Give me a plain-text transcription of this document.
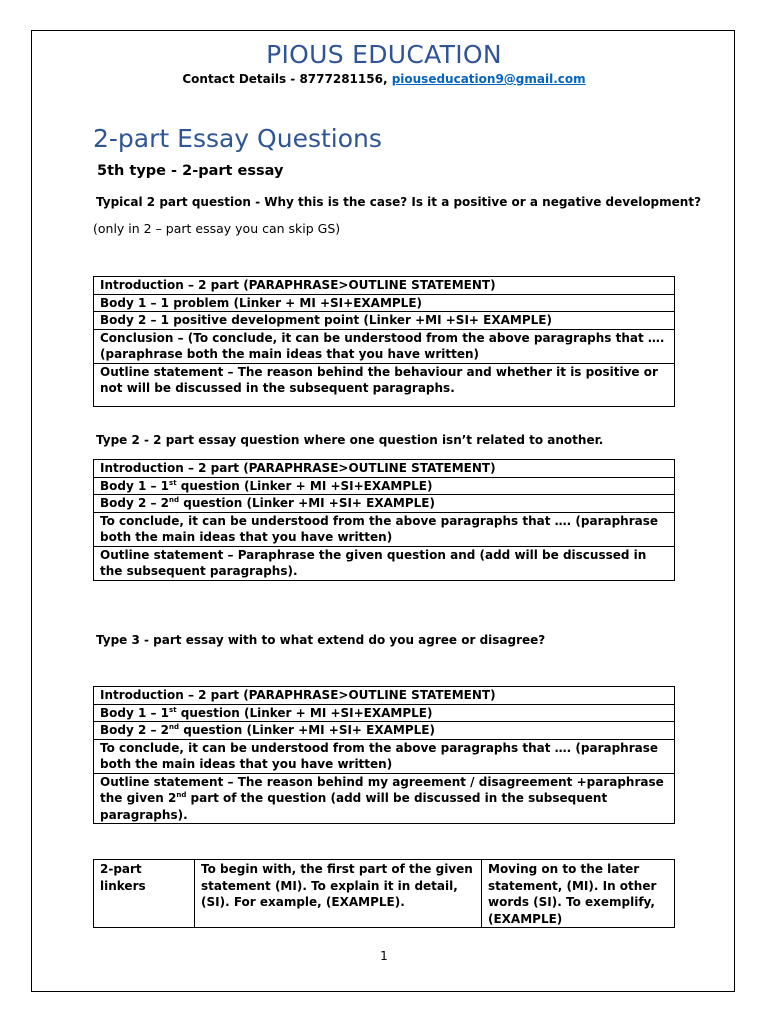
PIOUS EDUCATION
Contact Details - 8777281156, piouseducation9@gmail.com
2-part Essay Questions
5th type - 2-part essay
Typical 2 part question - Why this is the case? Is it a positive or a negative development?
(only in 2 – part essay you can skip GS)
Introduction – 2 part (PARAPHRASE>OUTLINE STATEMENT)
Body 1 – 1 problem (Linker + MI +SI+EXAMPLE)
Body 2 – 1 positive development point (Linker +MI +SI+ EXAMPLE)
Conclusion – (To conclude, it can be understood from the above paragraphs that ….(paraphrase both the main ideas that you have written)
Outline statement – The reason behind the behaviour and whether it is positive or not will be discussed in the subsequent paragraphs.
Type 2 - 2 part essay question where one question isn’t related to another.
Introduction – 2 part (PARAPHRASE>OUTLINE STATEMENT)
Body 1 – 1st question (Linker + MI +SI+EXAMPLE)
Body 2 – 2nd question (Linker +MI +SI+ EXAMPLE)
To conclude, it can be understood from the above paragraphs that …. (paraphrase both the main ideas that you have written)
Outline statement – Paraphrase the given question and (add will be discussed in the subsequent paragraphs).
Type 3 - part essay with to what extend do you agree or disagree?
Introduction – 2 part (PARAPHRASE>OUTLINE STATEMENT)
Body 1 – 1st question (Linker + MI +SI+EXAMPLE)
Body 2 – 2nd question (Linker +MI +SI+ EXAMPLE)
To conclude, it can be understood from the above paragraphs that …. (paraphrase both the main ideas that you have written)
Outline statement – The reason behind my agreement / disagreement +paraphrase the given 2nd part of the question (add will be discussed in the subsequent paragraphs).
2-part linkers	To begin with, the first part of the given statement (MI). To explain it in detail, (SI). For example, (EXAMPLE).	Moving on to the later statement, (MI). In other words (SI). To exemplify, (EXAMPLE)
1
